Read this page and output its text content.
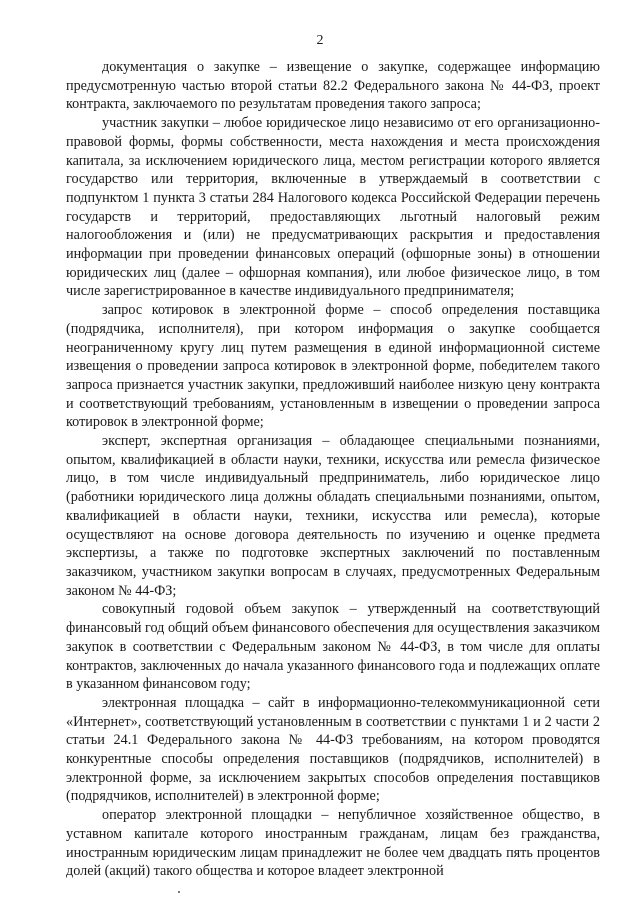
2

документация о закупке – извещение о закупке, содержащее информацию предусмотренную частью второй статьи 82.2 Федерального закона № 44-ФЗ, проект контракта, заключаемого по результатам проведения такого запроса;

участник закупки – любое юридическое лицо независимо от его организационно-правовой формы, формы собственности, места нахождения и места происхождения капитала, за исключением юридического лица, местом регистрации которого является государство или территория, включенные в утверждаемый в соответствии с подпунктом 1 пункта 3 статьи 284 Налогового кодекса Российской Федерации перечень государств и территорий, предоставляющих льготный налоговый режим налогообложения и (или) не предусматривающих раскрытия и предоставления информации при проведении финансовых операций (офшорные зоны) в отношении юридических лиц (далее – офшорная компания), или любое физическое лицо, в том числе зарегистрированное в качестве индивидуального предпринимателя;

запрос котировок в электронной форме – способ определения поставщика (подрядчика, исполнителя), при котором информация о закупке сообщается неограниченному кругу лиц путем размещения в единой информационной системе извещения о проведении запроса котировок в электронной форме, победителем такого запроса признается участник закупки, предложивший наиболее низкую цену контракта и соответствующий требованиям, установленным в извещении о проведении запроса котировок в электронной форме;

эксперт, экспертная организация – обладающее специальными познаниями, опытом, квалификацией в области науки, техники, искусства или ремесла физическое лицо, в том числе индивидуальный предприниматель, либо юридическое лицо (работники юридического лица должны обладать специальными познаниями, опытом, квалификацией в области науки, техники, искусства или ремесла), которые осуществляют на основе договора деятельность по изучению и оценке предмета экспертизы, а также по подготовке экспертных заключений по поставленным заказчиком, участником закупки вопросам в случаях, предусмотренных Федеральным законом № 44-ФЗ;

совокупный годовой объем закупок – утвержденный на соответствующий финансовый год общий объем финансового обеспечения для осуществления заказчиком закупок в соответствии с Федеральным законом № 44-ФЗ, в том числе для оплаты контрактов, заключенных до начала указанного финансового года и подлежащих оплате в указанном финансовом году;

электронная площадка – сайт в информационно-телекоммуникационной сети «Интернет», соответствующий установленным в соответствии с пунктами 1 и 2 части 2 статьи 24.1 Федерального закона № 44-ФЗ требованиям, на котором проводятся конкурентные способы определения поставщиков (подрядчиков, исполнителей) в электронной форме, за исключением закрытых способов определения поставщиков (подрядчиков, исполнителей) в электронной форме;

оператор электронной площадки – непубличное хозяйственное общество, в уставном капитале которого иностранным гражданам, лицам без гражданства, иностранным юридическим лицам принадлежит не более чем двадцать пять процентов долей (акций) такого общества и которое владеет электронной
